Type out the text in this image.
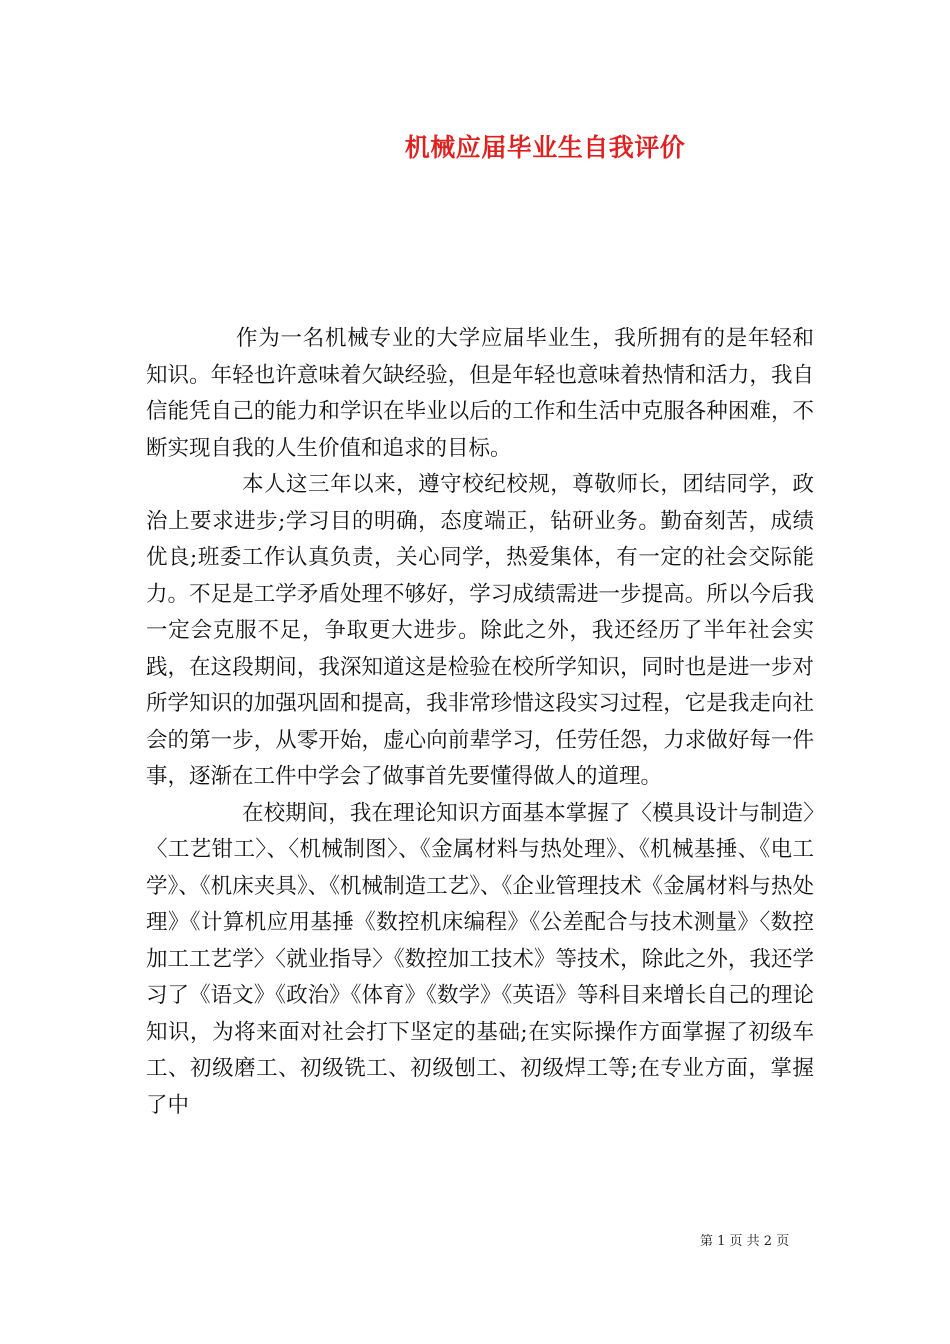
机械应届毕业生自我评价

作为一名机械专业的大学应届毕业生，我所拥有的是年轻和知识。年轻也许意味着欠缺经验，但是年轻也意味着热情和活力，我自信能凭自己的能力和学识在毕业以后的工作和生活中克服各种困难，不断实现自我的人生价值和追求的目标。

本人这三年以来，遵守校纪校规，尊敬师长，团结同学，政治上要求进步;学习目的明确，态度端正，钻研业务。勤奋刻苦，成绩优良;班委工作认真负责，关心同学，热爱集体，有一定的社会交际能力。不足是工学矛盾处理不够好，学习成绩需进一步提高。所以今后我一定会克服不足，争取更大进步。除此之外，我还经历了半年社会实践，在这段期间，我深知道这是检验在校所学知识，同时也是进一步对所学知识的加强巩固和提高，我非常珍惜这段实习过程，它是我走向社会的第一步，从零开始，虚心向前辈学习，任劳任怨，力求做好每一件事，逐渐在工件中学会了做事首先要懂得做人的道理。

在校期间，我在理论知识方面基本掌握了〈模具设计与制造〉〈工艺钳工〉、〈机械制图〉、《金属材料与热处理》、《机械基捶、《电工学》、《机床夹具》、《机械制造工艺》、《企业管理技术《金属材料与热处理》《计算机应用基捶《数控机床编程》《公差配合与技术测量》〈数控加工工艺学〉〈就业指导〉《数控加工技术》等技术，除此之外，我还学习了《语文》《政治》《体育》《数学》《英语》等科目来增长自己的理论知识，为将来面对社会打下坚定的基础;在实际操作方面掌握了初级车工、初级磨工、初级铣工、初级刨工、初级焊工等;在专业方面，掌握了中

第 1 页 共 2 页
